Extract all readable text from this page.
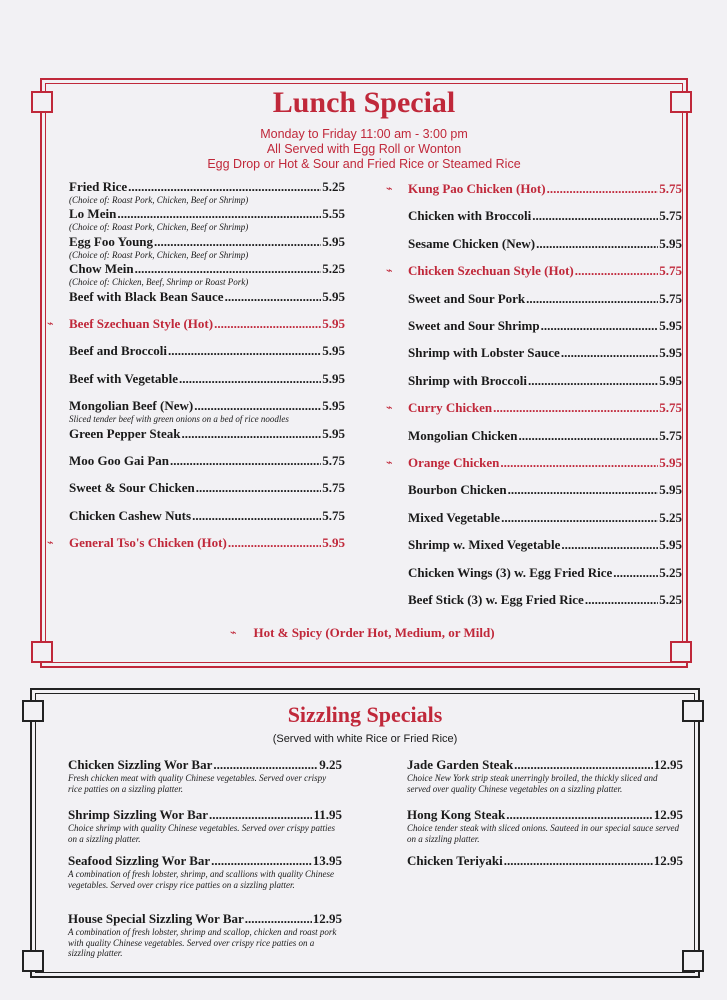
Lunch Special
Monday to Friday 11:00 am - 3:00 pm
All Served with Egg Roll or Wonton
Egg Drop or Hot & Sour and Fried Rice or Steamed Rice
⌁	Hot & Spicy (Order Hot, Medium, or Mild)
Fried Rice .....	5.25
(Choice of: Roast Pork, Chicken, Beef or Shrimp)
Lo Mein .....	5.55
(Choice of: Roast Pork, Chicken, Beef or Shrimp)
Egg Foo Young .....	5.95
(Choice of: Roast Pork, Chicken, Beef or Shrimp)
Chow Mein .....	5.25
(Choice of: Chicken, Beef, Shrimp or Roast Pork)
Beef with Black Bean Sauce .....	5.95
⌁ Beef Szechuan Style (Hot) .....	5.95
Beef and Broccoli .....	5.95
Beef with Vegetable .....	5.95
Mongolian Beef (New) .....	5.95
Sliced tender beef with green onions on a bed of rice noodles
Green Pepper Steak .....	5.95
Moo Goo Gai Pan .....	5.75
Sweet & Sour Chicken .....	5.75
Chicken Cashew Nuts .....	5.75
⌁ General Tso's Chicken (Hot) .....	5.95
⌁ Kung Pao Chicken (Hot) .....	5.75
Chicken with Broccoli .....	5.75
Sesame Chicken (New) .....	5.95
⌁ Chicken Szechuan Style (Hot) .....	5.75
Sweet and Sour Pork .....	5.75
Sweet and Sour Shrimp .....	5.95
Shrimp with Lobster Sauce .....	5.95
Shrimp with Broccoli .....	5.95
⌁ Curry Chicken .....	5.75
Mongolian Chicken .....	5.75
⌁ Orange Chicken .....	5.95
Bourbon Chicken .....	5.95
Mixed Vegetable .....	5.25
Shrimp w. Mixed Vegetable .....	5.95
Chicken Wings (3) w. Egg Fried Rice .....	5.25
Beef Stick (3) w. Egg Fried Rice .....	5.25
Sizzling Specials
(Served with white Rice or Fried Rice)
Chicken Sizzling Wor Bar .....	9.25
Fresh chicken meat with quality Chinese vegetables. Served over crispy rice patties on a sizzling platter.
Shrimp Sizzling Wor Bar .....	11.95
Choice shrimp with quality Chinese vegetables. Served over crispy patties on a sizzling platter.
Seafood Sizzling Wor Bar .....	13.95
A combination of fresh lobster, shrimp, and scallions with quality Chinese vegetables. Served over crispy rice patties on a sizzling platter.
House Special Sizzling Wor Bar .....	12.95
A combination of fresh lobster, shrimp and scallop, chicken and roast pork with quality Chinese vegetables. Served over crispy rice patties on a sizzling platter.
Jade Garden Steak .....	12.95
Choice New York strip steak unerringly broiled, the thickly sliced and served over quality Chinese vegetables on a sizzling platter.
Hong Kong Steak .....	12.95
Choice tender steak with sliced onions. Sauteed in our special sauce served on a sizzling platter.
Chicken Teriyaki .....	12.95
